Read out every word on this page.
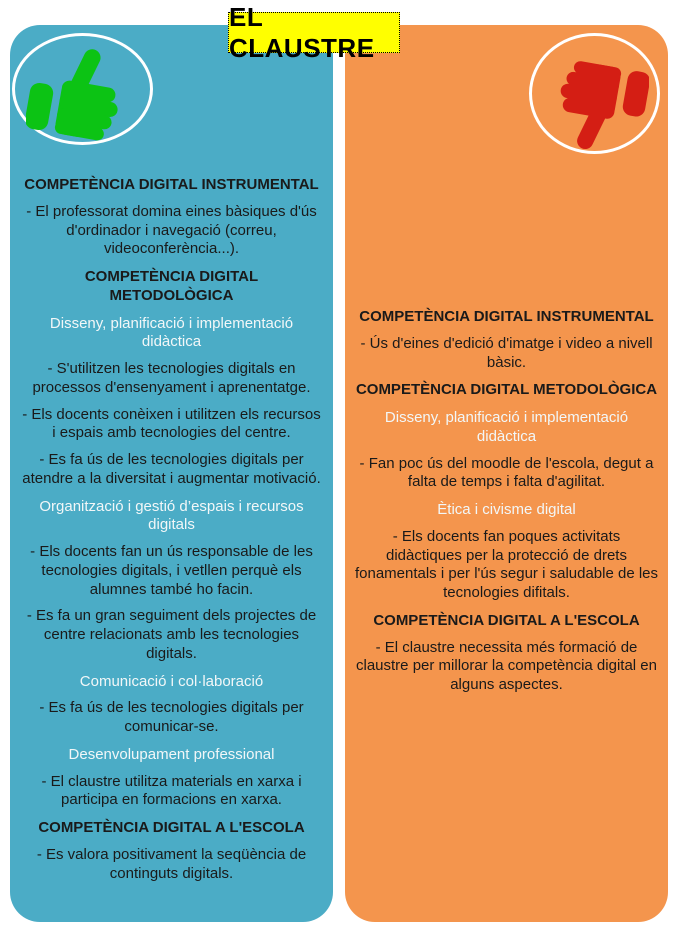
COMPETÈNCIA DIGITAL INSTRUMENTAL
- El professorat domina eines bàsiques d'ús d'ordinador i navegació (correu, videoconferència...).
COMPETÈNCIA DIGITAL METODOLÒGICA
Disseny, planificació i implementació didàctica
- S'utilitzen les tecnologies digitals en processos d'ensenyament i aprenentatge.
- Els docents conèixen i utilitzen els recursos i espais amb tecnologies del centre.
- Es fa ús de les tecnologies digitals per atendre a la diversitat i augmentar motivació.
Organització i gestió d’espais i recursos digitals
- Els docents fan un ús responsable de les tecnologies digitals, i vetllen perquè els alumnes també ho facin.
- Es fa un gran seguiment dels projectes de centre relacionats amb les tecnologies digitals.
Comunicació i col·laboració
- Es fa ús de les tecnologies digitals per comunicar-se.
Desenvolupament professional
- El claustre utilitza materials en xarxa i participa en formacions en xarxa.
COMPETÈNCIA DIGITAL A L'ESCOLA
- Es valora positivament la seqüència de continguts digitals.
COMPETÈNCIA DIGITAL INSTRUMENTAL
- Ús d'eines d'edició d'imatge i video a nivell bàsic.
COMPETÈNCIA DIGITAL METODOLÒGICA
Disseny, planificació i implementació didàctica
- Fan poc ús del moodle de l'escola, degut a falta de temps i falta d'agilitat.
Ètica i civisme digital
- Els docents fan poques activitats didàctiques per la protecció de drets fonamentals i per l'ús segur i saludable de les tecnologies difitals.
COMPETÈNCIA DIGITAL A L'ESCOLA
- El claustre necessita més formació de claustre per millorar la competència digital en alguns aspectes.
EL CLAUSTRE
